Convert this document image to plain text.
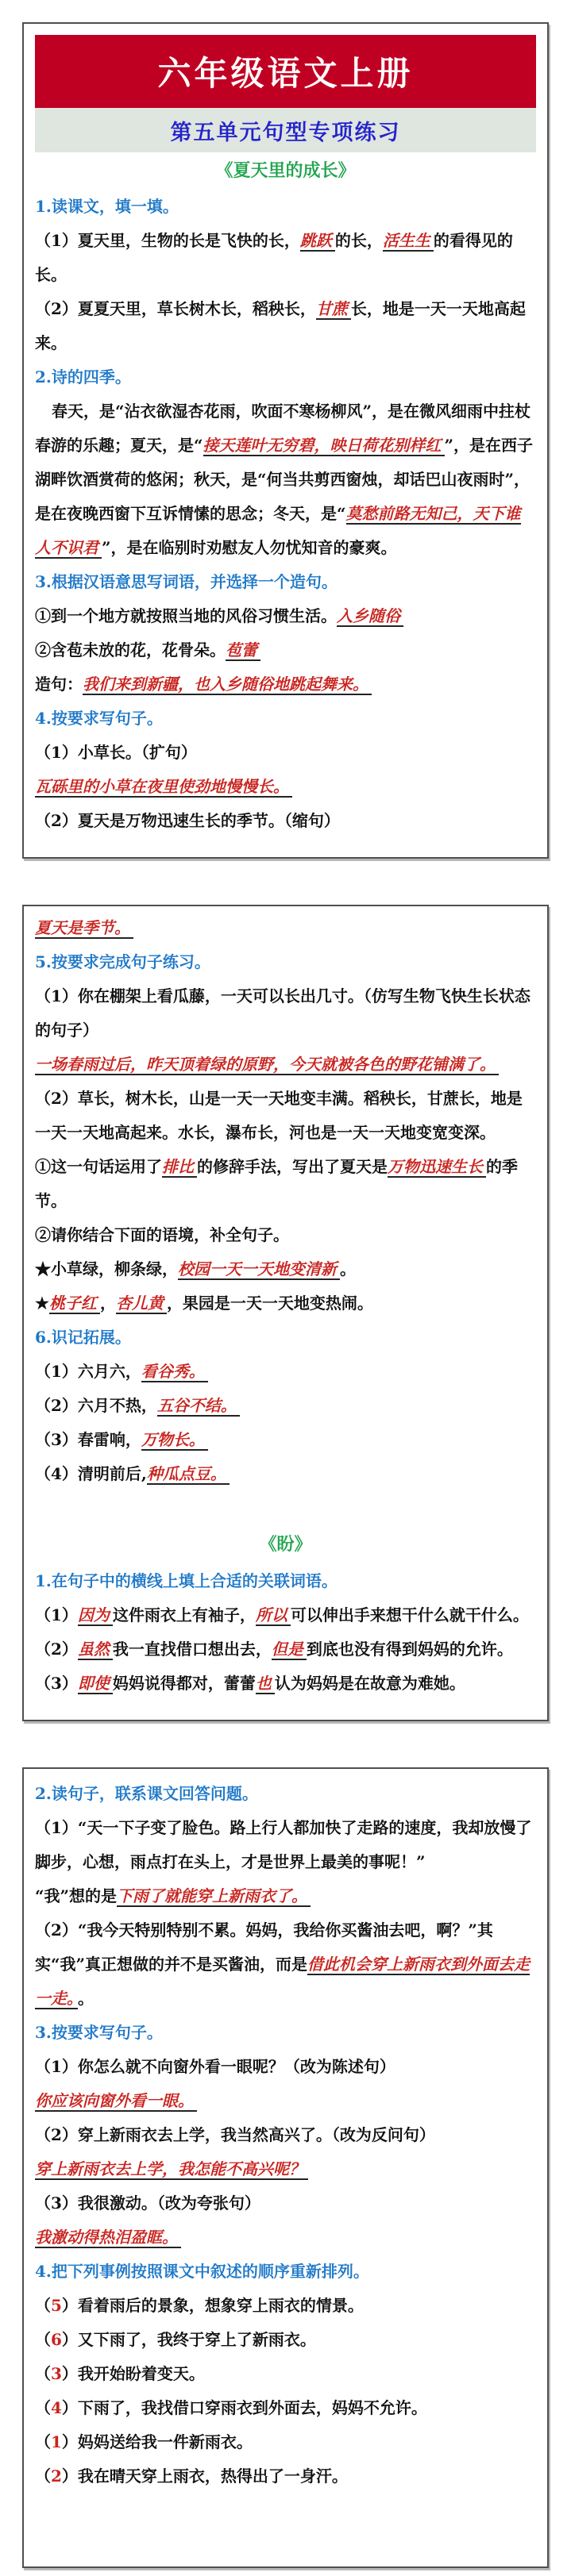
六年级语文上册
第五单元句型专项练习

《夏天里的成长》

1.读课文，填一填。

（1）夏天里，生物的长是飞快的长，跳跃 的长，活生生 的看得见的长。

（2）夏夏天里，草长树木长，稻秧长，甘蔗 长，地是一天一天地高起来。

2.诗的四季。

春天，是“沾衣欲湿杏花雨，吹面不寒杨柳风”，是在微风细雨中拄杖春游的乐趣；夏天，是“接天莲叶无穷碧，映日荷花别样红 ”，是在西子湖畔饮酒赏荷的悠闲；秋天，是“何当共剪西窗烛，却话巴山夜雨时”，是在夜晚西窗下互诉情愫的思念；冬天，是“莫愁前路无知己，天下谁人不识君 ”，是在临别时劝慰友人勿忧知音的豪爽。

3.根据汉语意思写词语，并选择一个造句。

①到一个地方就按照当地的风俗习惯生活。入乡随俗

②含苞未放的花，花骨朵。苞蕾

造句：我们来到新疆，也入乡随俗地跳起舞来。

4.按要求写句子。

（1）小草长。（扩句）

瓦砾里的小草在夜里使劲地慢慢长。

（2）夏天是万物迅速生长的季节。（缩句）

夏天是季节。

5.按要求完成句子练习。

（1）你在棚架上看瓜藤，一天可以长出几寸。（仿写生物飞快生长状态的句子）

一场春雨过后，昨天顶着绿的原野，今天就被各色的野花铺满了。

（2）草长，树木长，山是一天一天地变丰满。稻秧长，甘蔗长，地是一天一天地高起来。水长，瀑布长，河也是一天一天地变宽变深。

①这一句话运用了排比 的修辞手法，写出了夏天是万物迅速生长 的季节。

②请你结合下面的语境，补全句子。

★小草绿，柳条绿，校园一天一天地变清新 。

★桃子红 ，杏儿黄 ，果园是一天一天地变热闹。

6.识记拓展。

（1）六月六，看谷秀。

（2）六月不热，五谷不结。

（3）春雷响，万物长。

（4）清明前后,种瓜点豆。

《盼》

1.在句子中的横线上填上合适的关联词语。

（1）因为 这件雨衣上有袖子，所以 可以伸出手来想干什么就干什么。

（2）虽然 我一直找借口想出去，但是 到底也没有得到妈妈的允许。

（3）即使 妈妈说得都对，蕾蕾也 认为妈妈是在故意为难她。

2.读句子，联系课文回答问题。

（1）“天一下子变了脸色。路上行人都加快了走路的速度，我却放慢了脚步，心想，雨点打在头上，才是世界上最美的事呢！”

“我”想的是下雨了就能穿上新雨衣了。

（2）“我今天特别特别不累。妈妈，我给你买酱油去吧，啊？”其实“我”真正想做的并不是买酱油，而是借此机会穿上新雨衣到外面去走一走。 。

3.按要求写句子。

（1）你怎么就不向窗外看一眼呢？（改为陈述句）

你应该向窗外看一眼。

（2）穿上新雨衣去上学，我当然高兴了。（改为反问句）

穿上新雨衣去上学，我怎能不高兴呢？

（3）我很激动。（改为夸张句）

我激动得热泪盈眶。

4.把下列事例按照课文中叙述的顺序重新排列。

（5）看着雨后的景象，想象穿上雨衣的情景。

（6）又下雨了，我终于穿上了新雨衣。

（3）我开始盼着变天。

（4）下雨了，我找借口穿雨衣到外面去，妈妈不允许。

（1）妈妈送给我一件新雨衣。

（2）我在晴天穿上雨衣，热得出了一身汗。
